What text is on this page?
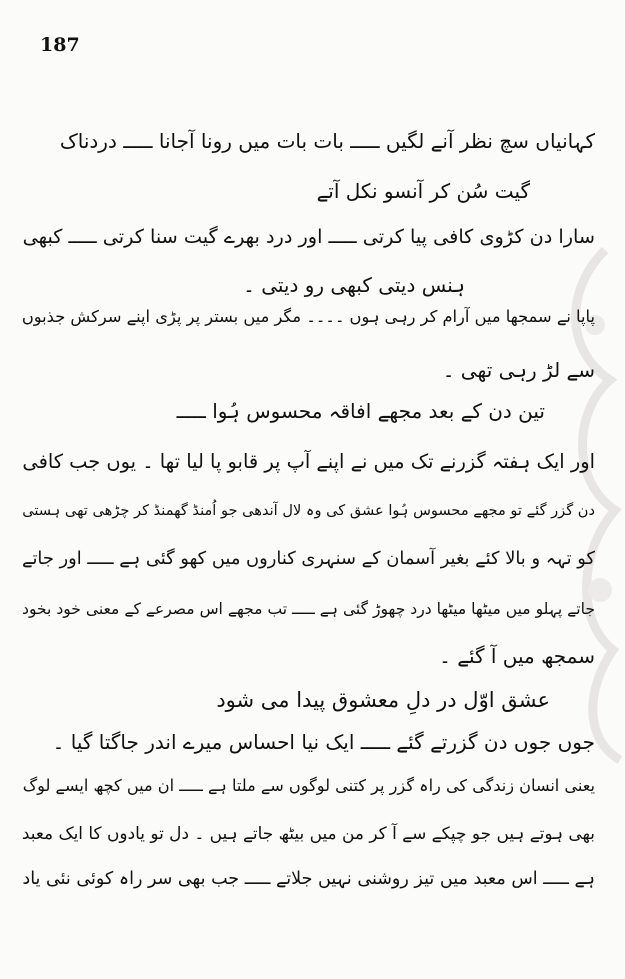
187
کہانیاں سچ نظر آنے لگیں ـــــ بات بات میں رونا آجانا ـــــ دردناک
گیت سُن کر آنسو نکل آتے
سارا دن کڑوی کافی پیا کرتی ـــــ اور درد بھرے گیت سنا کرتی ـــــ کبھی
ہنس دیتی کبھی رو دیتی ۔
پاپا نے سمجھا میں آرام کر رہی ہوں ۔۔۔۔ مگر میں بستر پر پڑی اپنے سرکش جذبوں
سے لڑ رہی تھی ۔
تین دن کے بعد مجھے افاقہ محسوس ہُوا ـــــ
اور ایک ہفتہ گزرنے تک میں نے اپنے آپ پر قابو پا لیا تھا ۔ یوں جب کافی
دن گزر گئے تو مجھے محسوس ہُوا عشق کی وہ لال آندھی جو اُمنڈ گھمنڈ کر چڑھی تھی ہستی
کو تہہ و بالا کئے بغیر آسمان کے سنہری کناروں میں کھو گئی ہے ـــــ اور جاتے
جاتے پہلو میں میٹھا میٹھا درد چھوڑ گئی ہے ـــــ تب مجھے اس مصرعے کے معنی خود بخود
سمجھ میں آ گئے ۔
عشق اوّل در دلِ معشوق پیدا می شود
جوں جوں دن گزرتے گئے ـــــ ایک نیا احساس میرے اندر جاگتا گیا ۔
یعنی انسان زندگی کی راہ گزر پر کتنی لوگوں سے ملتا ہے ـــــ ان میں کچھ ایسے لوگ
بھی ہوتے ہیں جو چپکے سے آ کر من میں بیٹھ جاتے ہیں ۔ دل تو یادوں کا ایک معبد
ہے ـــــ اس معبد میں تیز روشنی نہیں جلاتے ـــــ جب بھی سر راہ کوئی نئی یاد
